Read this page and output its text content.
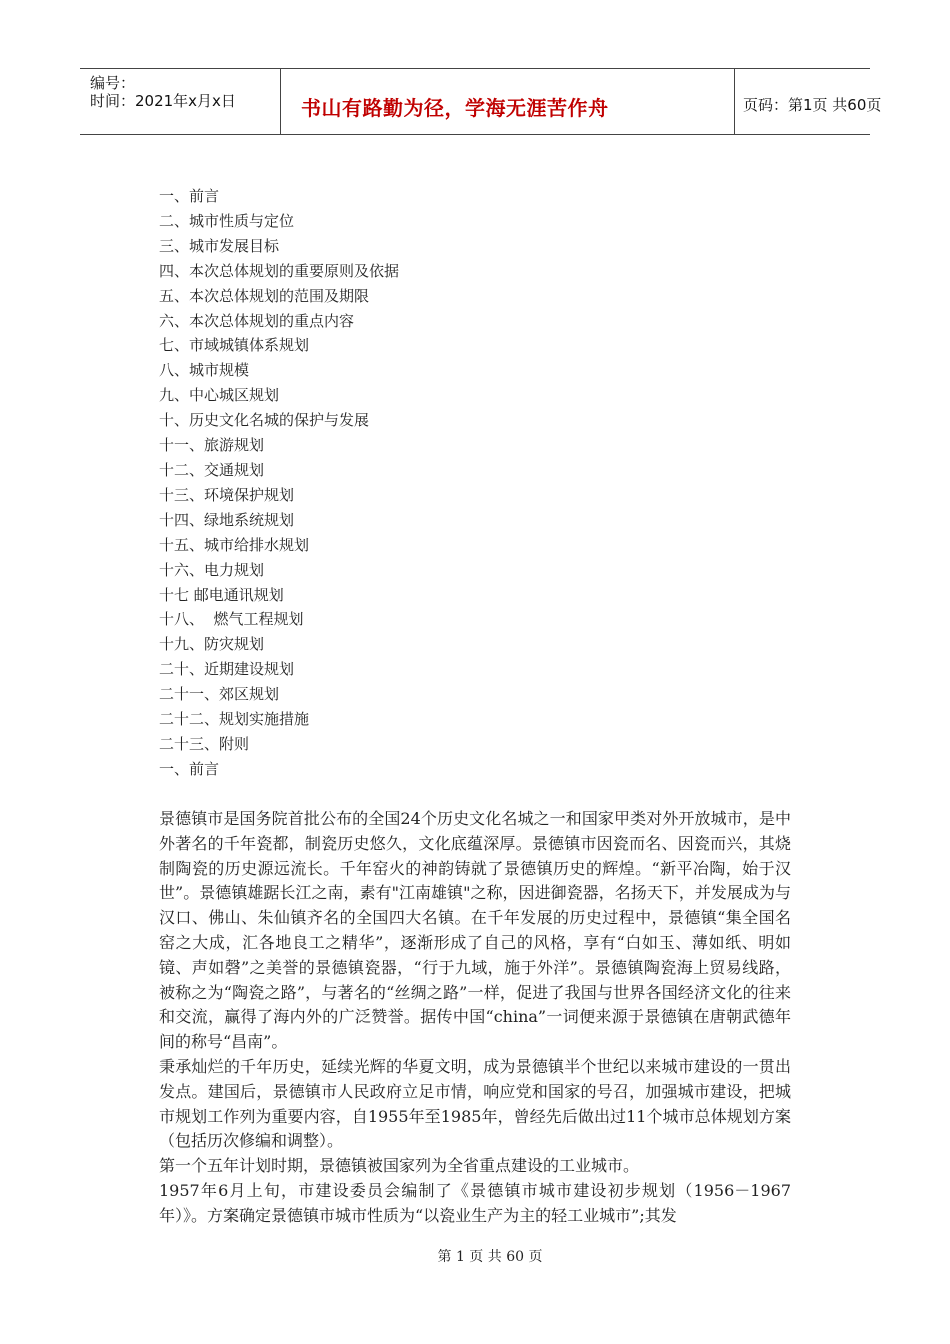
编号：
时间：2021年x月x日	书山有路勤为径，学海无涯苦作舟	页码：第1页 共60页
一、前言
二、城市性质与定位
三、城市发展目标
四、本次总体规划的重要原则及依据
五、本次总体规划的范围及期限
六、本次总体规划的重点内容
七、市域城镇体系规划
八、城市规模
九、中心城区规划
十、历史文化名城的保护与发展
十一、旅游规划
十二、交通规划
十三、环境保护规划
十四、绿地系统规划
十五、城市给排水规划
十六、电力规划
十七 邮电通讯规划
十八、  燃气工程规划
十九、防灾规划
二十、近期建设规划
二十一、郊区规划
二十二、规划实施措施
二十三、附则
一、前言

景德镇市是国务院首批公布的全国24个历史文化名城之一和国家甲类对外开放城市，是中外著名的千年瓷都，制瓷历史悠久，文化底蕴深厚。景德镇市因瓷而名、因瓷而兴，其烧制陶瓷的历史源远流长。千年窑火的神韵铸就了景德镇历史的辉煌。“新平冶陶，始于汉世”。景德镇雄踞长江之南，素有"江南雄镇"之称，因进御瓷器，名扬天下，并发展成为与汉口、佛山、朱仙镇齐名的全国四大名镇。在千年发展的历史过程中，景德镇“集全国名窑之大成，汇各地良工之精华”，逐渐形成了自己的风格，享有“白如玉、薄如纸、明如镜、声如磬”之美誉的景德镇瓷器，“行于九域，施于外洋”。景德镇陶瓷海上贸易线路，被称之为“陶瓷之路”，与著名的“丝绸之路”一样，促进了我国与世界各国经济文化的往来和交流，赢得了海内外的广泛赞誉。据传中国“china”一词便来源于景德镇在唐朝武德年间的称号“昌南”。

秉承灿烂的千年历史，延续光辉的华夏文明，成为景德镇半个世纪以来城市建设的一贯出发点。建国后，景德镇市人民政府立足市情，响应党和国家的号召，加强城市建设，把城市规划工作列为重要内容，自1955年至1985年，曾经先后做出过11个城市总体规划方案（包括历次修编和调整）。

第一个五年计划时期，景德镇被国家列为全省重点建设的工业城市。

1957年6月上旬，市建设委员会编制了《景德镇市城市建设初步规划（1956－1967年）》。方案确定景德镇市城市性质为“以瓷业生产为主的轻工业城市”;其发

第 1 页 共 60 页
